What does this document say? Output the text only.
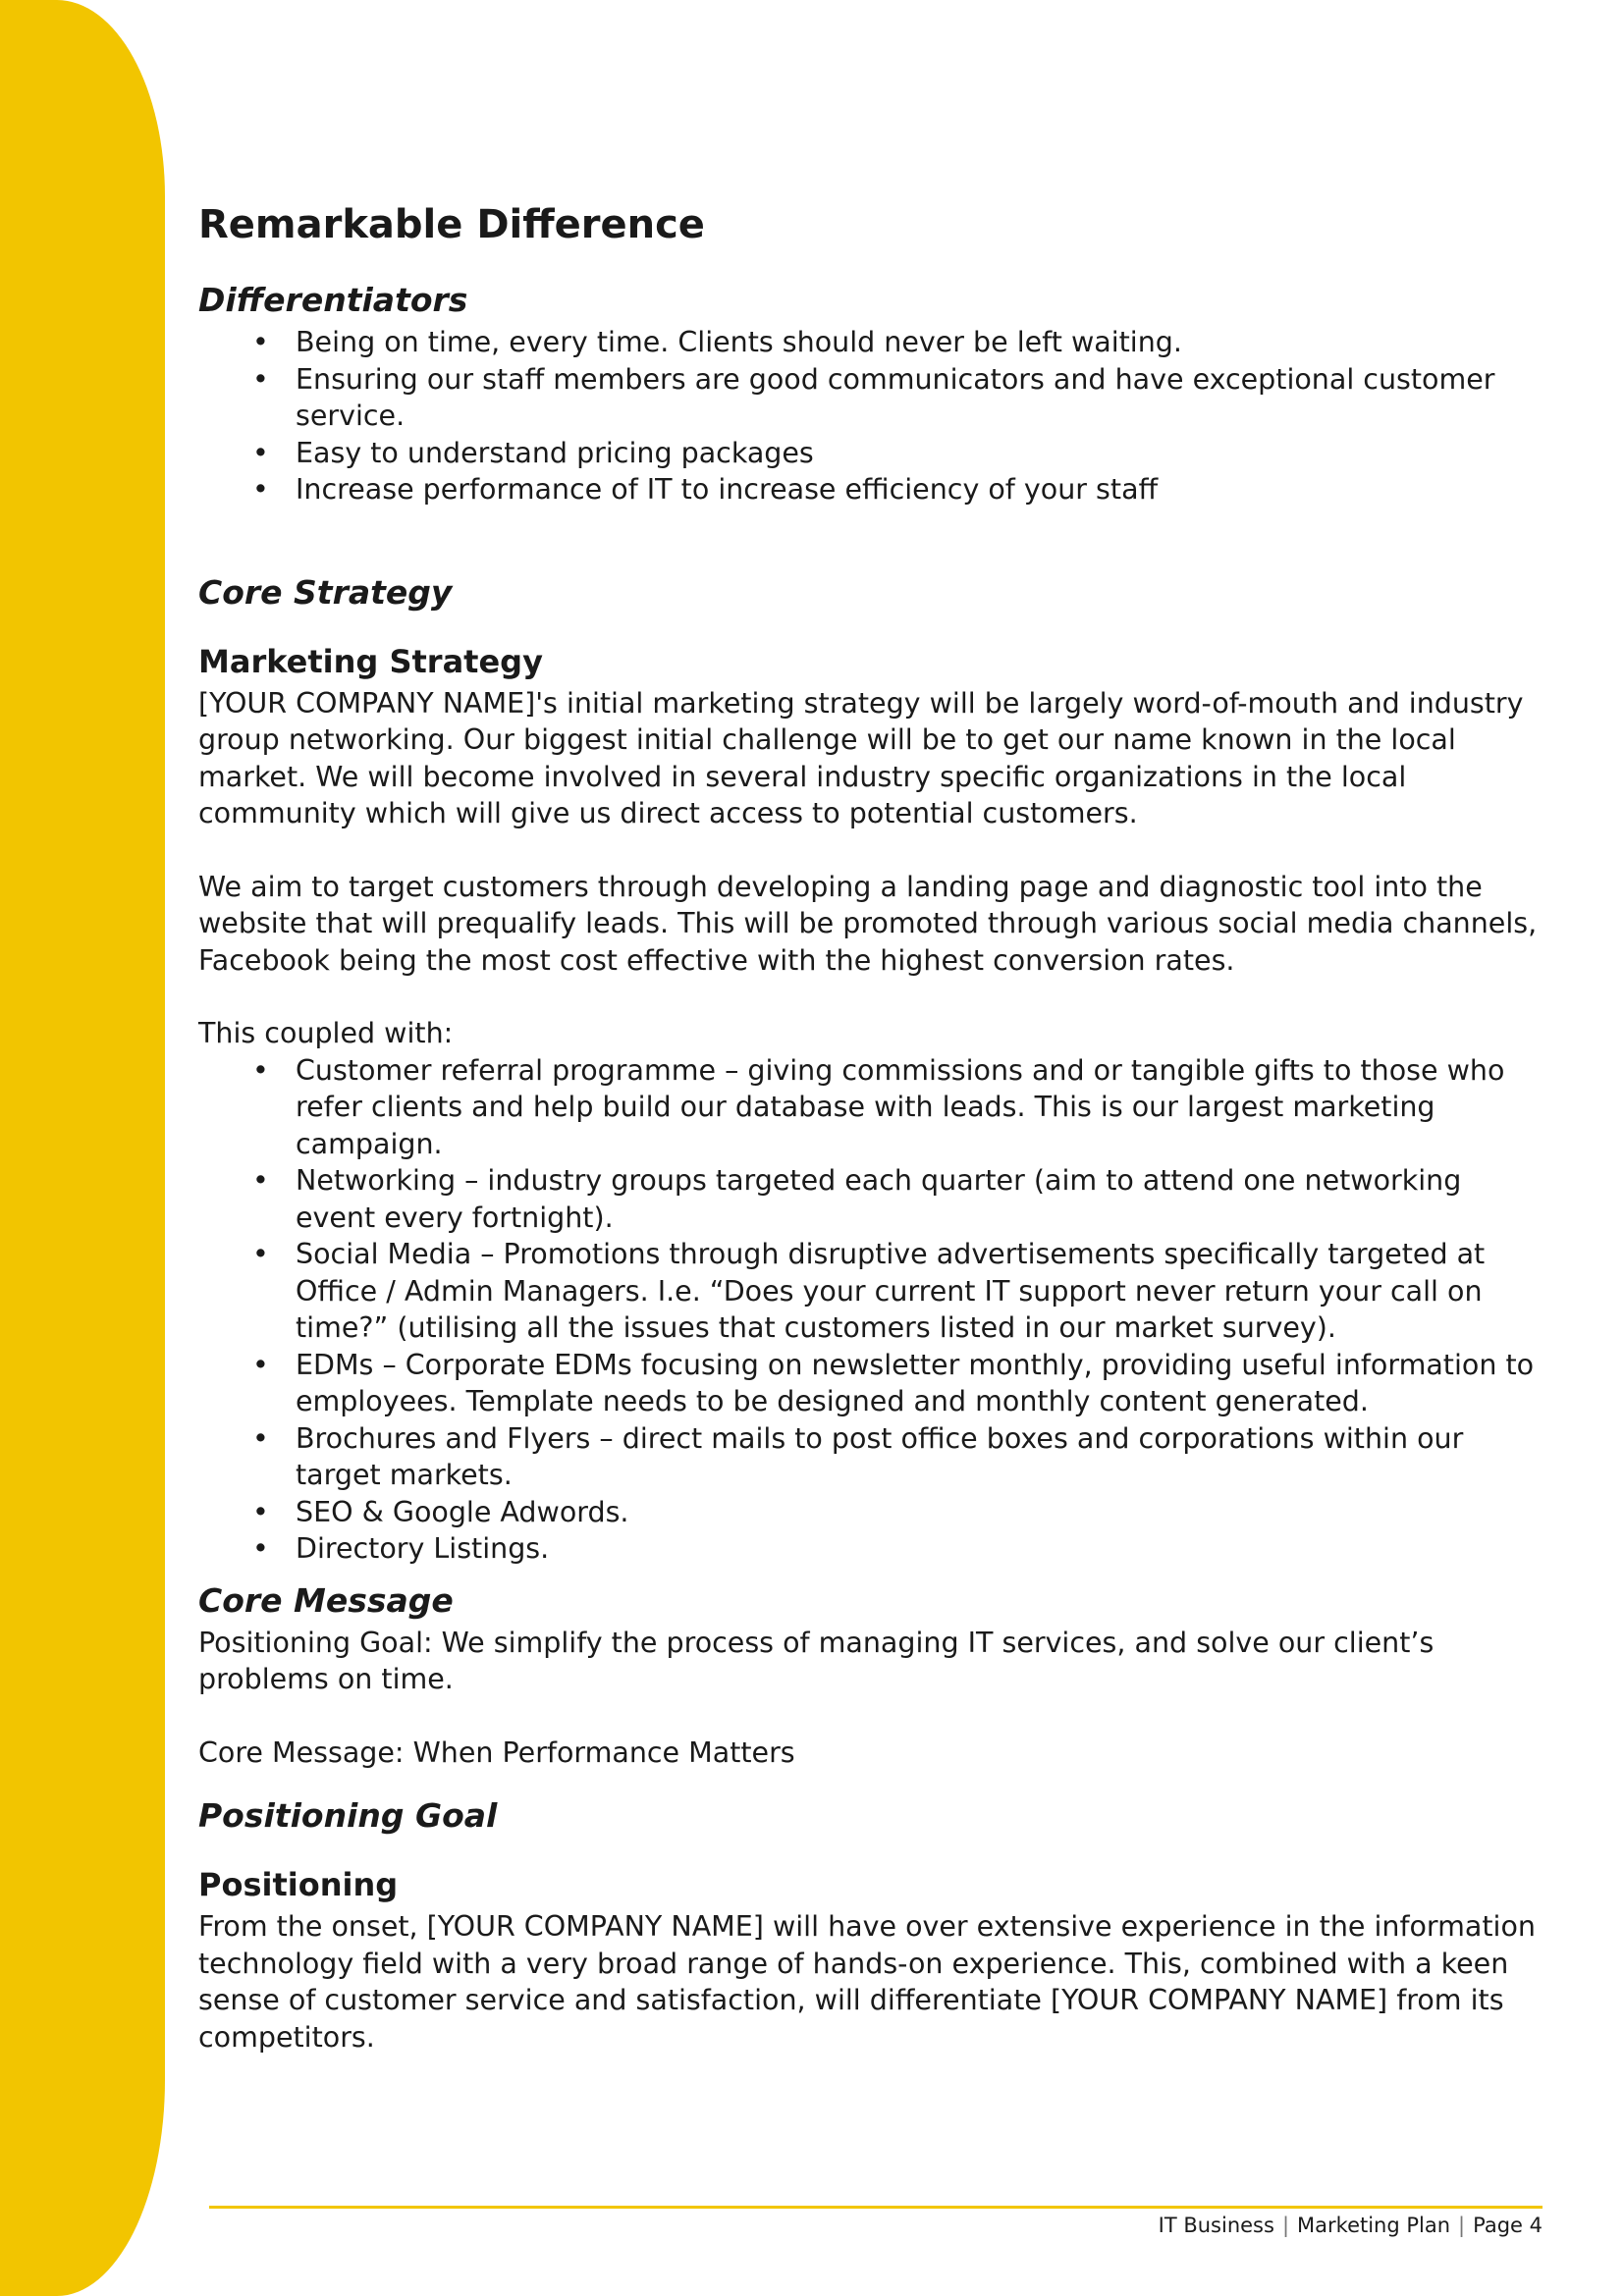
Remarkable Difference
Differentiators
• Being on time, every time. Clients should never be left waiting.
• Ensuring our staff members are good communicators and have exceptional customer service.
• Easy to understand pricing packages
• Increase performance of IT to increase efficiency of your staff
Core Strategy
Marketing Strategy

[YOUR COMPANY NAME]'s initial marketing strategy will be largely word-of-mouth and industry group networking. Our biggest initial challenge will be to get our name known in the local market. We will become involved in several industry specific organizations in the local community which will give us direct access to potential customers.

We aim to target customers through developing a landing page and diagnostic tool into the website that will prequalify leads. This will be promoted through various social media channels, Facebook being the most cost effective with the highest conversion rates.

This coupled with:

• Customer referral programme – giving commissions and or tangible gifts to those who refer clients and help build our database with leads. This is our largest marketing campaign.
• Networking – industry groups targeted each quarter (aim to attend one networking event every fortnight).
• Social Media – Promotions through disruptive advertisements specifically targeted at Office / Admin Managers. I.e. “Does your current IT support never return your call on time?” (utilising all the issues that customers listed in our market survey).
• EDMs – Corporate EDMs focusing on newsletter monthly, providing useful information to employees. Template needs to be designed and monthly content generated.
• Brochures and Flyers – direct mails to post office boxes and corporations within our target markets.
• SEO & Google Adwords.
• Directory Listings.
Core Message

Positioning Goal: We simplify the process of managing IT services, and solve our client’s problems on time.

Core Message: When Performance Matters

Positioning Goal
Positioning

From the onset, [YOUR COMPANY NAME] will have over extensive experience in the information technology field with a very broad range of hands-on experience. This, combined with a keen sense of customer service and satisfaction, will differentiate [YOUR COMPANY NAME] from its competitors.

IT Business | Marketing Plan | Page 4
